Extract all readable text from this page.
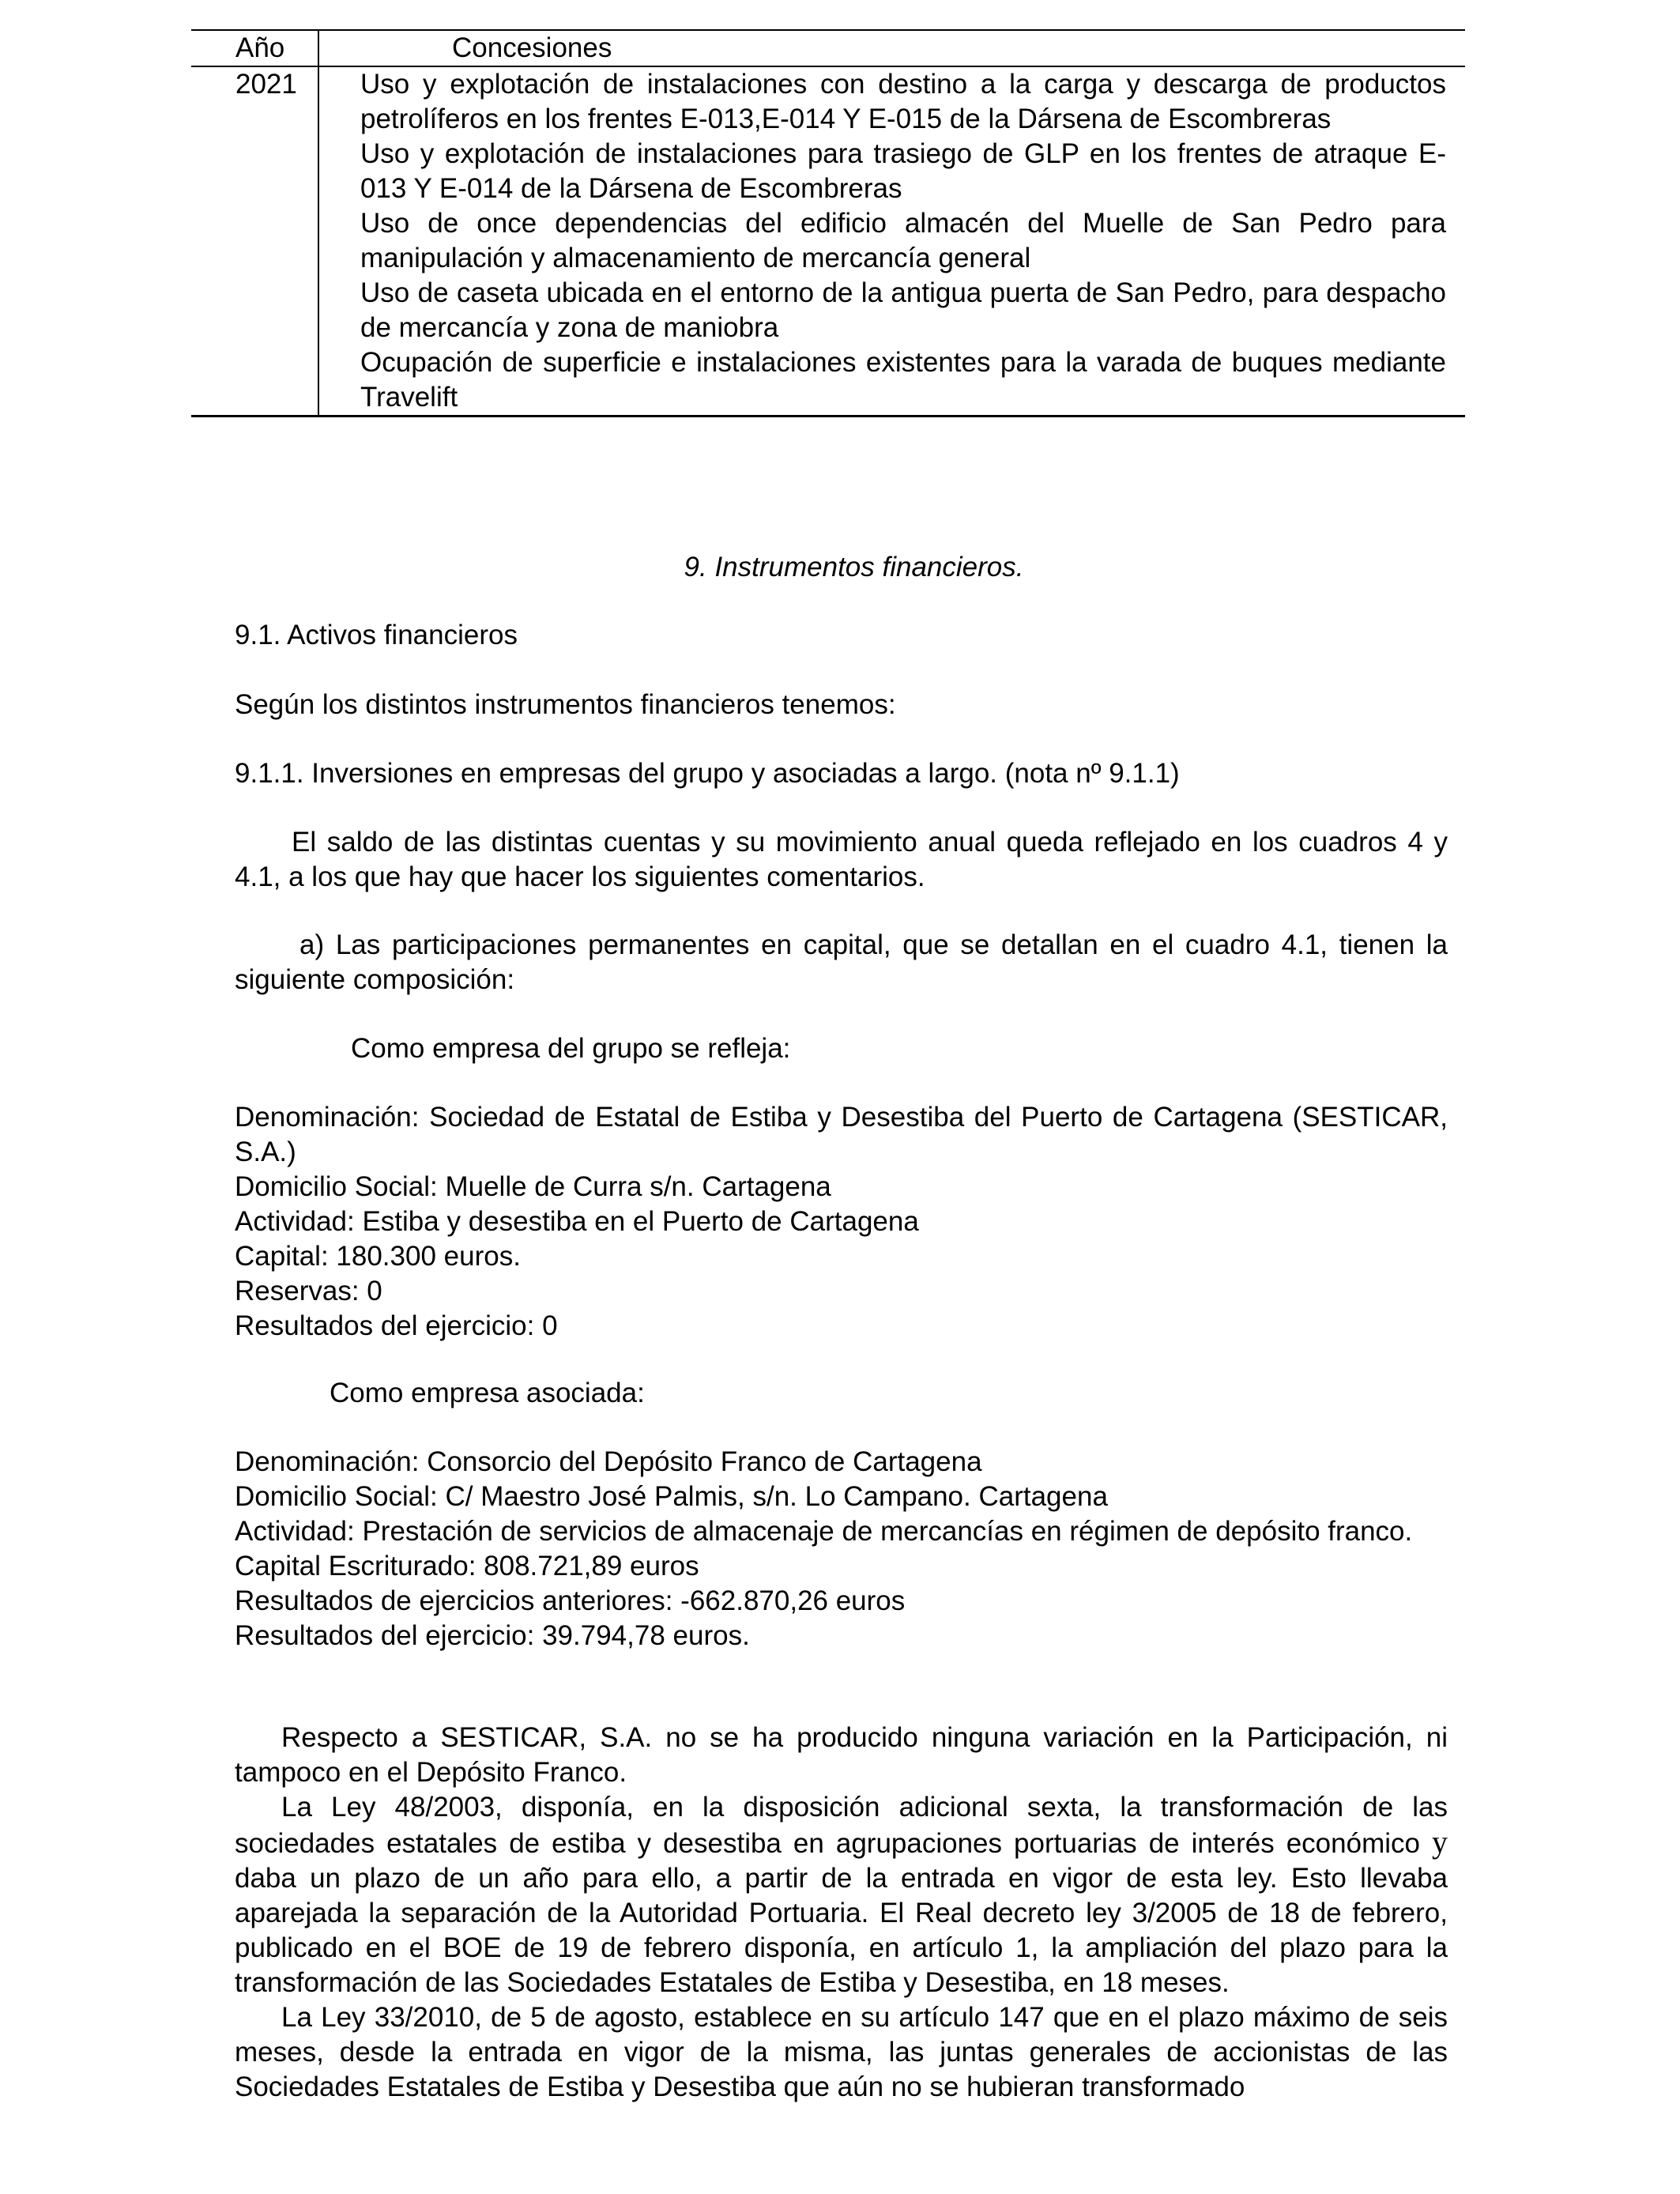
Año	Concesiones
2021	Uso y explotación de instalaciones con destino a la carga y descarga de productos petrolíferos en los frentes E-013,E-014 Y E-015 de la Dársena de Escombreras
Uso y explotación de instalaciones para trasiego de GLP en los frentes de atraque E-013 Y E-014 de la Dársena de Escombreras
Uso de once dependencias del edificio almacén del Muelle de San Pedro para manipulación y almacenamiento de mercancía general
Uso de caseta ubicada en el entorno de la antigua puerta de San Pedro, para despacho de mercancía y zona de maniobra
Ocupación de superficie e instalaciones existentes para la varada de buques mediante Travelift
9. Instrumentos financieros.
9.1. Activos financieros
Según los distintos instrumentos financieros tenemos:
9.1.1. Inversiones en empresas del grupo y asociadas a largo. (nota nº 9.1.1)

El saldo de las distintas cuentas y su movimiento anual queda reflejado en los cuadros 4 y 4.1, a los que hay que hacer los siguientes comentarios.

a) Las participaciones permanentes en capital, que se detallan en el cuadro 4.1, tienen la siguiente composición:

Como empresa del grupo se refleja:
Denominación: Sociedad de Estatal de Estiba y Desestiba del Puerto de Cartagena (SESTICAR, S.A.)
Domicilio Social: Muelle de Curra s/n. Cartagena
Actividad: Estiba y desestiba en el Puerto de Cartagena
Capital: 180.300 euros.
Reservas: 0
Resultados del ejercicio: 0
Como empresa asociada:
Denominación: Consorcio del Depósito Franco de Cartagena
Domicilio Social: C/ Maestro José Palmis, s/n. Lo Campano. Cartagena
Actividad: Prestación de servicios de almacenaje de mercancías en régimen de depósito franco.
Capital Escriturado: 808.721,89 euros
Resultados de ejercicios anteriores: -662.870,26 euros
Resultados del ejercicio: 39.794,78 euros.

Respecto a SESTICAR, S.A. no se ha producido ninguna variación en la Participación, ni tampoco en el Depósito Franco.

La Ley 48/2003, disponía, en la disposición adicional sexta, la transformación de las sociedades estatales de estiba y desestiba en agrupaciones portuarias de interés económico y daba un plazo de un año para ello, a partir de la entrada en vigor de esta ley. Esto llevaba aparejada la separación de la Autoridad Portuaria. El Real decreto ley 3/2005 de 18 de febrero, publicado en el BOE de 19 de febrero disponía, en artículo 1, la ampliación del plazo para la transformación de las Sociedades Estatales de Estiba y Desestiba, en 18 meses.

La Ley 33/2010, de 5 de agosto, establece en su artículo 147 que en el plazo máximo de seis meses, desde la entrada en vigor de la misma, las juntas generales de accionistas de las Sociedades Estatales de Estiba y Desestiba que aún no se hubieran transformado
